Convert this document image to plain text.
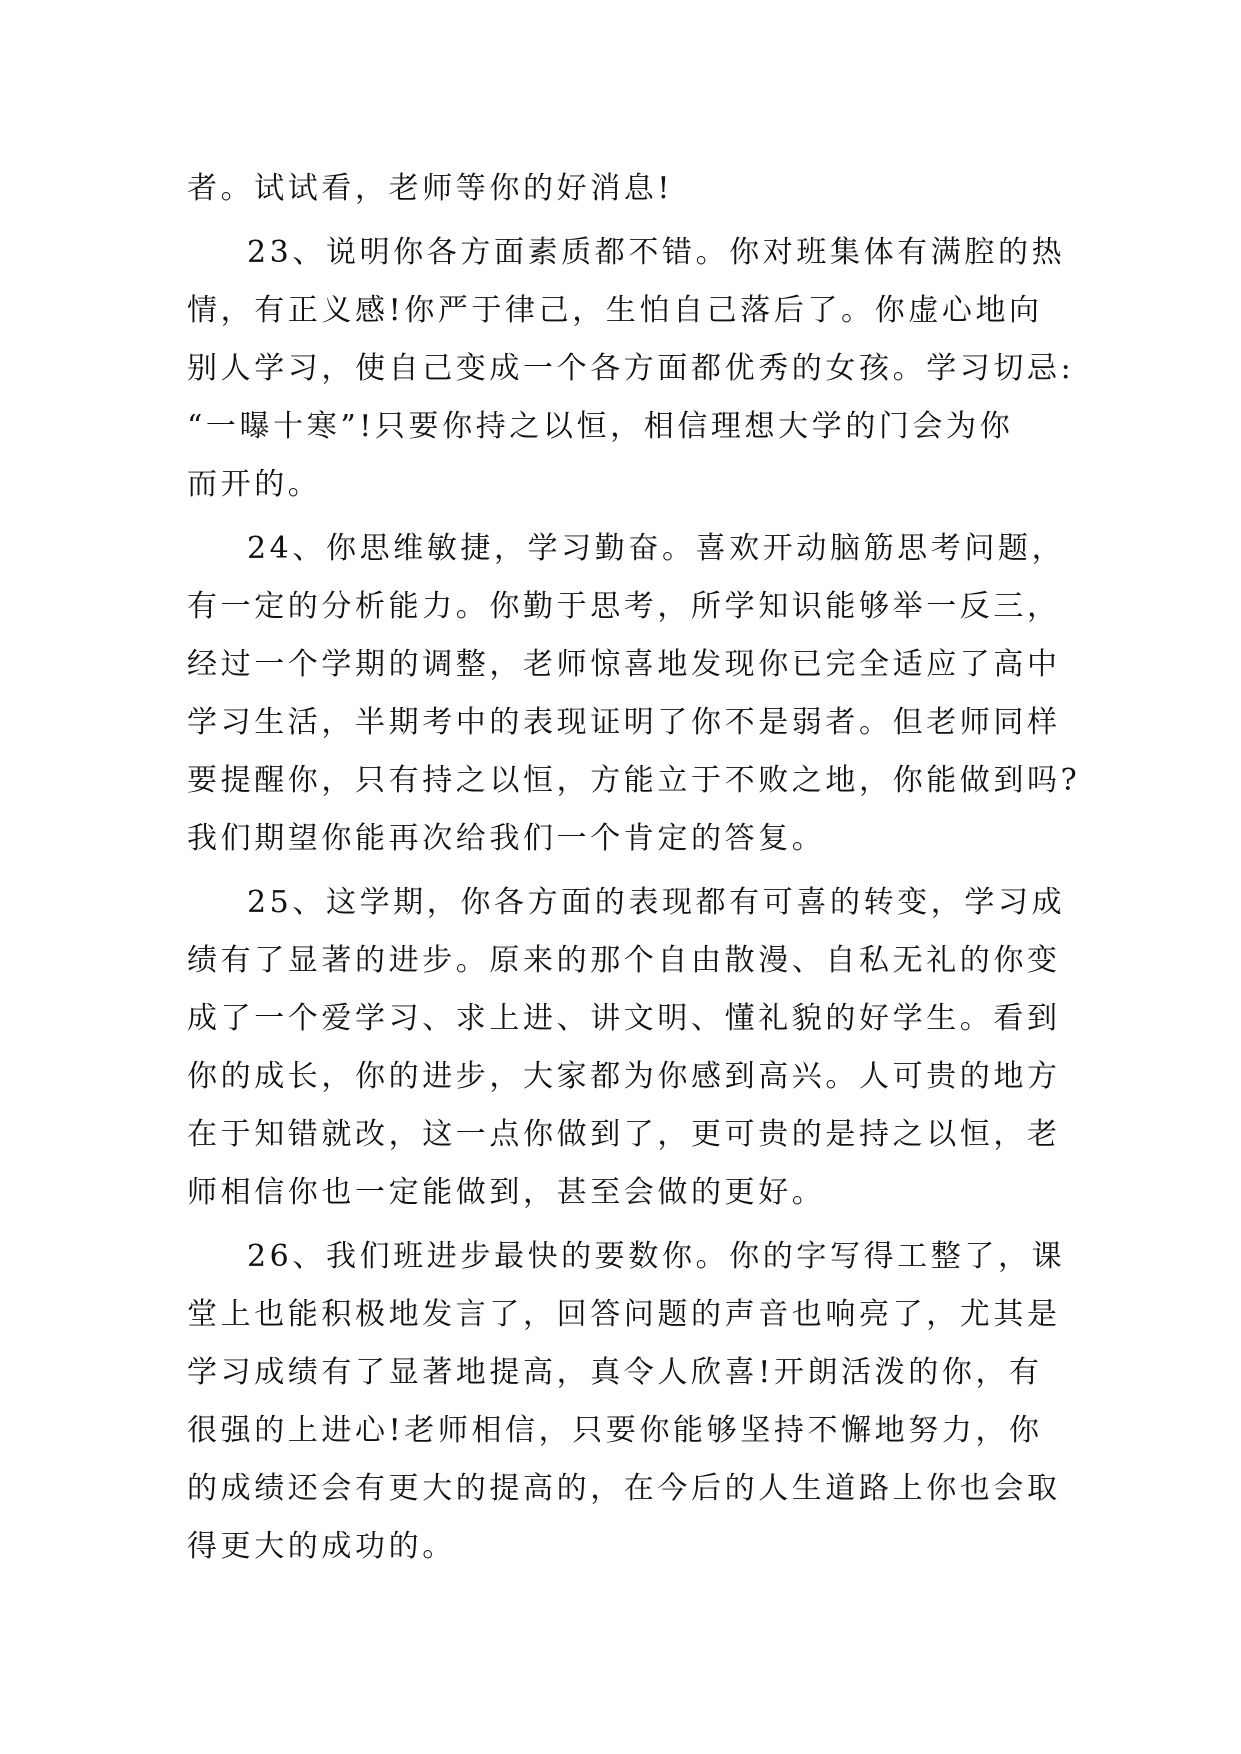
者。试试看，老师等你的好消息!
23、说明你各方面素质都不错。你对班集体有满腔的热
情，有正义感!你严于律己，生怕自己落后了。你虚心地向
别人学习，使自己变成一个各方面都优秀的女孩。学习切忌:
“一曝十寒”!只要你持之以恒，相信理想大学的门会为你
而开的。
24、你思维敏捷，学习勤奋。喜欢开动脑筋思考问题，
有一定的分析能力。你勤于思考，所学知识能够举一反三，
经过一个学期的调整，老师惊喜地发现你已完全适应了高中
学习生活，半期考中的表现证明了你不是弱者。但老师同样
要提醒你，只有持之以恒，方能立于不败之地，你能做到吗?
我们期望你能再次给我们一个肯定的答复。
25、这学期，你各方面的表现都有可喜的转变，学习成
绩有了显著的进步。原来的那个自由散漫、自私无礼的你变
成了一个爱学习、求上进、讲文明、懂礼貌的好学生。看到
你的成长，你的进步，大家都为你感到高兴。人可贵的地方
在于知错就改，这一点你做到了，更可贵的是持之以恒，老
师相信你也一定能做到，甚至会做的更好。
26、我们班进步最快的要数你。你的字写得工整了，课
堂上也能积极地发言了，回答问题的声音也响亮了，尤其是
学习成绩有了显著地提高，真令人欣喜!开朗活泼的你，有
很强的上进心!老师相信，只要你能够坚持不懈地努力，你
的成绩还会有更大的提高的，在今后的人生道路上你也会取
得更大的成功的。
